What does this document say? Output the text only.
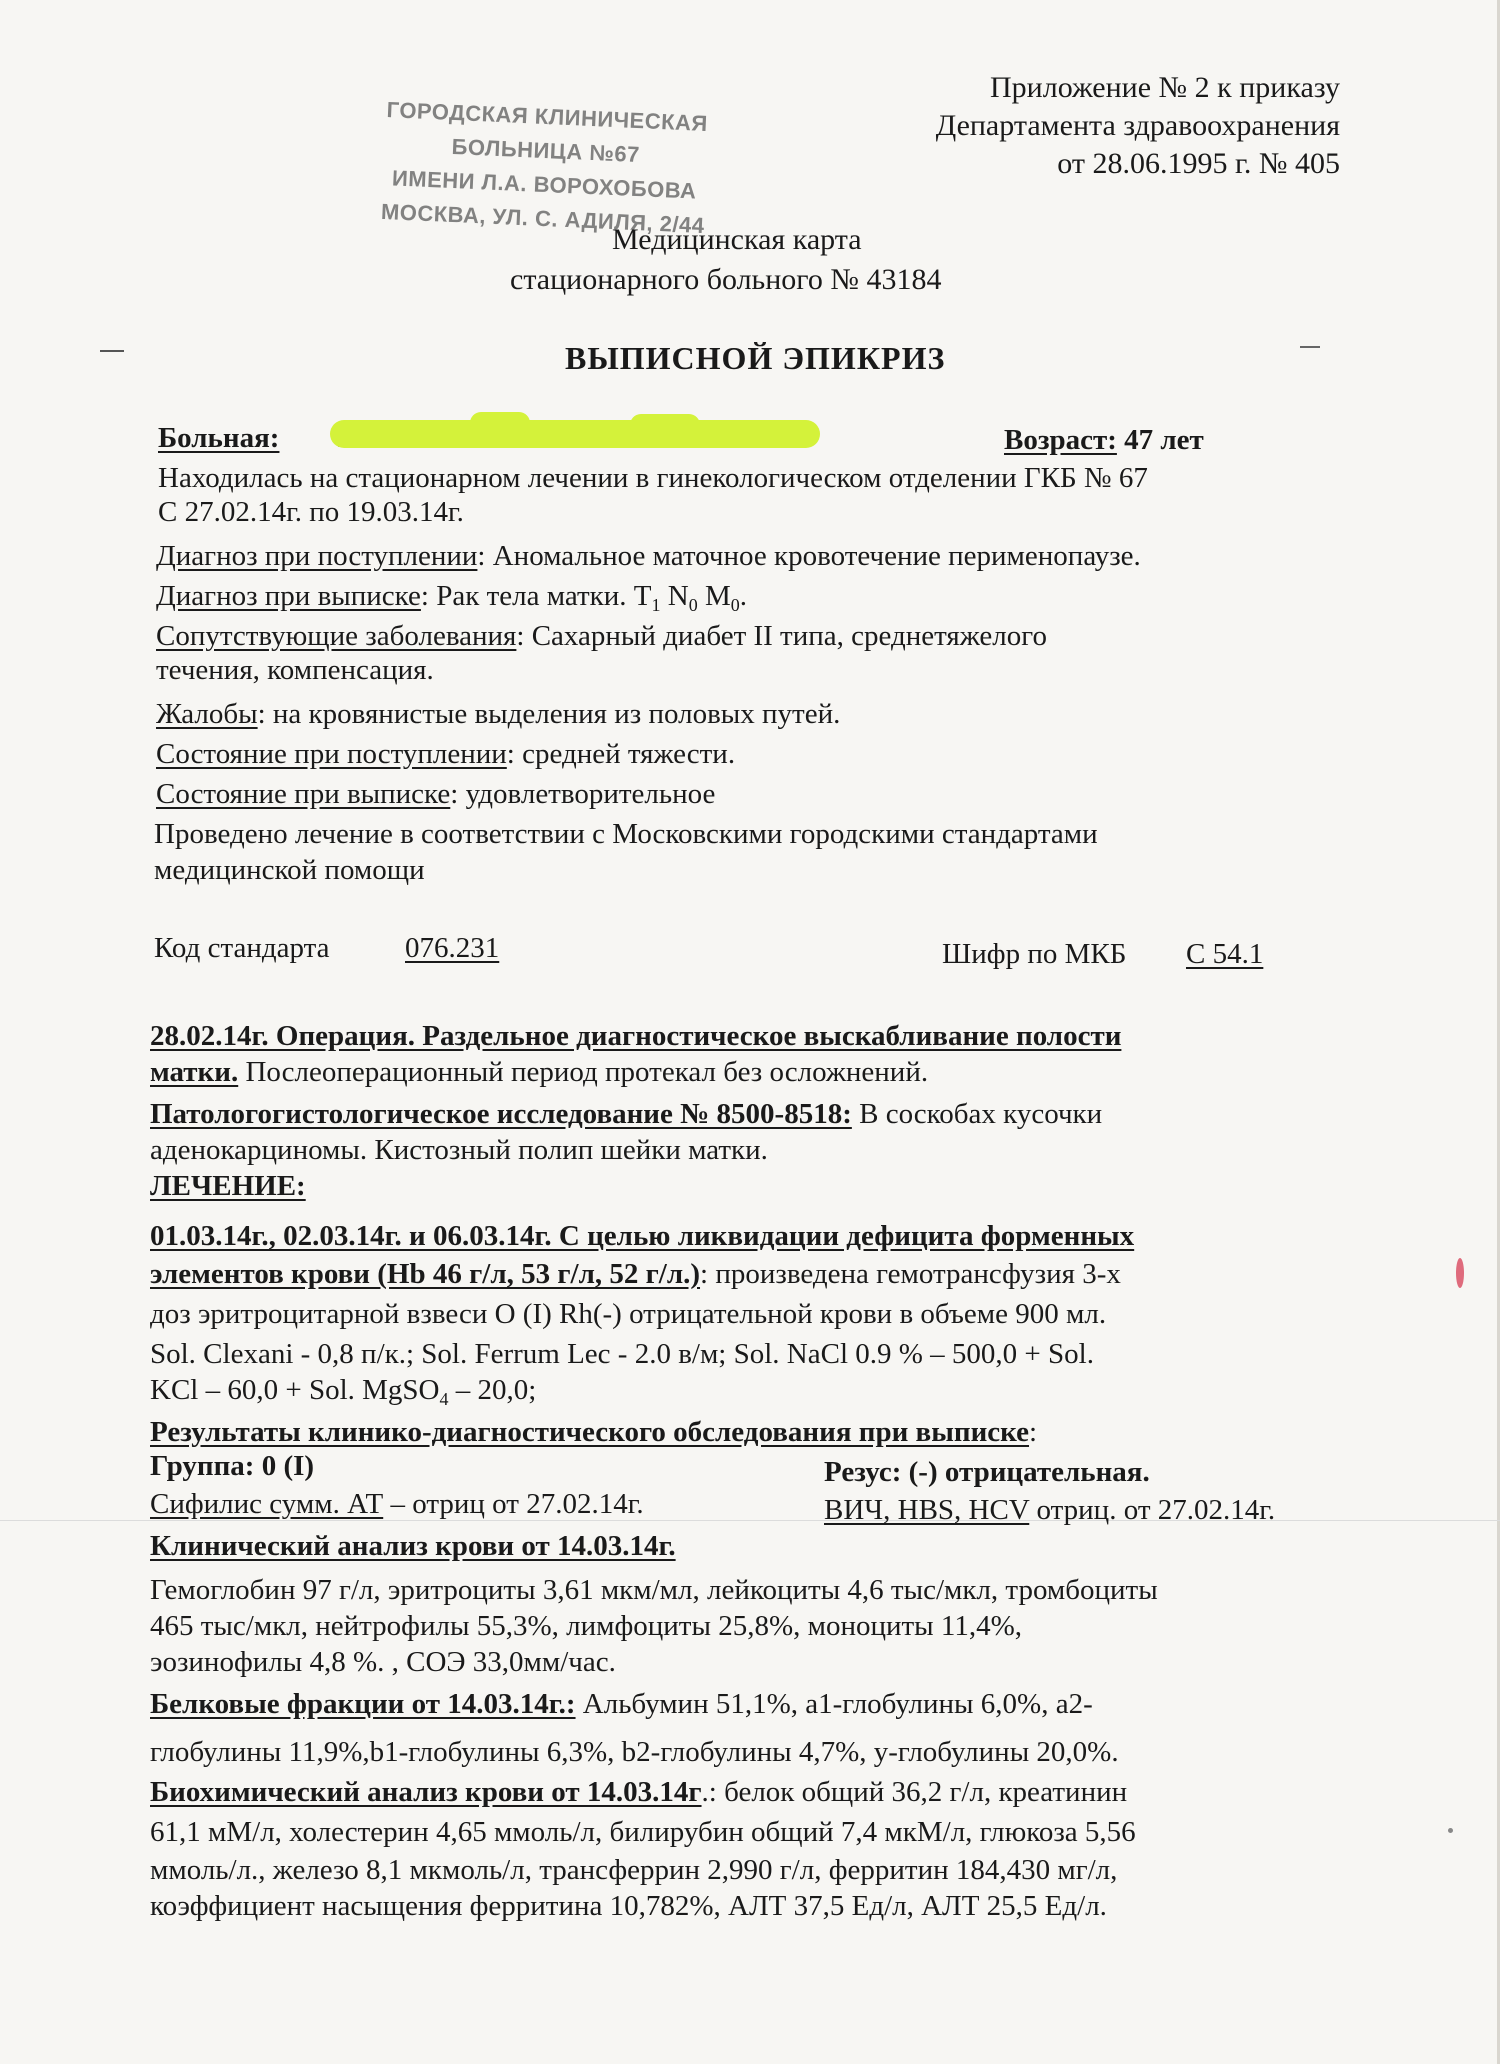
Приложение № 2 к приказу
Департамента здравоохранения
от 28.06.1995 г. № 405
ГОРОДСКАЯ КЛИНИЧЕСКАЯ
БОЛЬНИЦА №67
ИМЕНИ Л.А. ВОРОХОБОВА
МОСКВА, УЛ. С. АДИЛЯ, 2/44
Медицинская карта
стационарного больного № 43184
ВЫПИСНОЙ ЭПИКРИЗ
Больная:	Возраст: 47 лет
Находилась на стационарном лечении в гинекологическом отделении ГКБ № 67
С 27.02.14г. по 19.03.14г.
Диагноз при поступлении: Аномальное маточное кровотечение перименопаузе.
Диагноз при выписке: Рак тела матки. $T_1$ $N_0$ $M_0$.
Сопутствующие заболевания: Сахарный диабет II типа, среднетяжелого
течения, компенсация.
Жалобы: на кровянистые выделения из половых путей.
Состояние при поступлении: средней тяжести.
Состояние при выписке: удовлетворительное
Проведено лечение в соответствии с Московскими городскими стандартами
медицинской помощи
Код стандарта	076.231	Шифр по МКБ С 54.1
28.02.14г. Операция. Раздельное диагностическое выскабливание полости
матки. Послеоперационный период протекал без осложнений.
Патологогистологическое исследование № 8500-8518: В соскобах кусочки
аденокарциномы. Кистозный полип шейки матки.
ЛЕЧЕНИЕ:
01.03.14г., 02.03.14г. и 06.03.14г. С целью ликвидации дефицита форменных
элементов крови (Hb 46 г/л, 53 г/л, 52 г/л.): произведена гемотрансфузия 3-х
доз эритроцитарной взвеси О (I) Rh(-) отрицательной крови в объеме 900 мл.
Sol. Clexani - 0,8 п/к.; Sol. Ferrum Lec - 2.0 в/м; Sol. NaCl 0.9 % – 500,0 + Sol.
KCl – 60,0 + Sol. MgSO$_4$ – 20,0;
Результаты клинико-диагностического обследования при выписке:
Группа: 0 (I)	Резус: (-) отрицательная.
Сифилис сумм. АТ – отриц от 27.02.14г.	ВИЧ, HBS, HCV отриц. от 27.02.14г.
Клинический анализ крови от 14.03.14г.
Гемоглобин 97 г/л, эритроциты 3,61 мкм/мл, лейкоциты 4,6 тыс/мкл, тромбоциты
465 тыс/мкл, нейтрофилы 55,3%, лимфоциты 25,8%, моноциты 11,4%,
эозинофилы 4,8 %. , СОЭ 33,0мм/час.
Белковые фракции от 14.03.14г.: Альбумин 51,1%, a1-глобулины 6,0%, a2-
глобулины 11,9%,b1-глобулины 6,3%, b2-глобулины 4,7%, y-глобулины 20,0%.
Биохимический анализ крови от 14.03.14г.: белок общий 36,2 г/л, креатинин
61,1 мМ/л, холестерин 4,65 ммоль/л, билирубин общий 7,4 мкМ/л, глюкоза 5,56
ммоль/л., железо 8,1 мкмоль/л, трансферрин 2,990 г/л, ферритин 184,430 мг/л,
коэффициент насыщения ферритина 10,782%, АЛТ 37,5 Ед/л, АЛТ 25,5 Ед/л.
